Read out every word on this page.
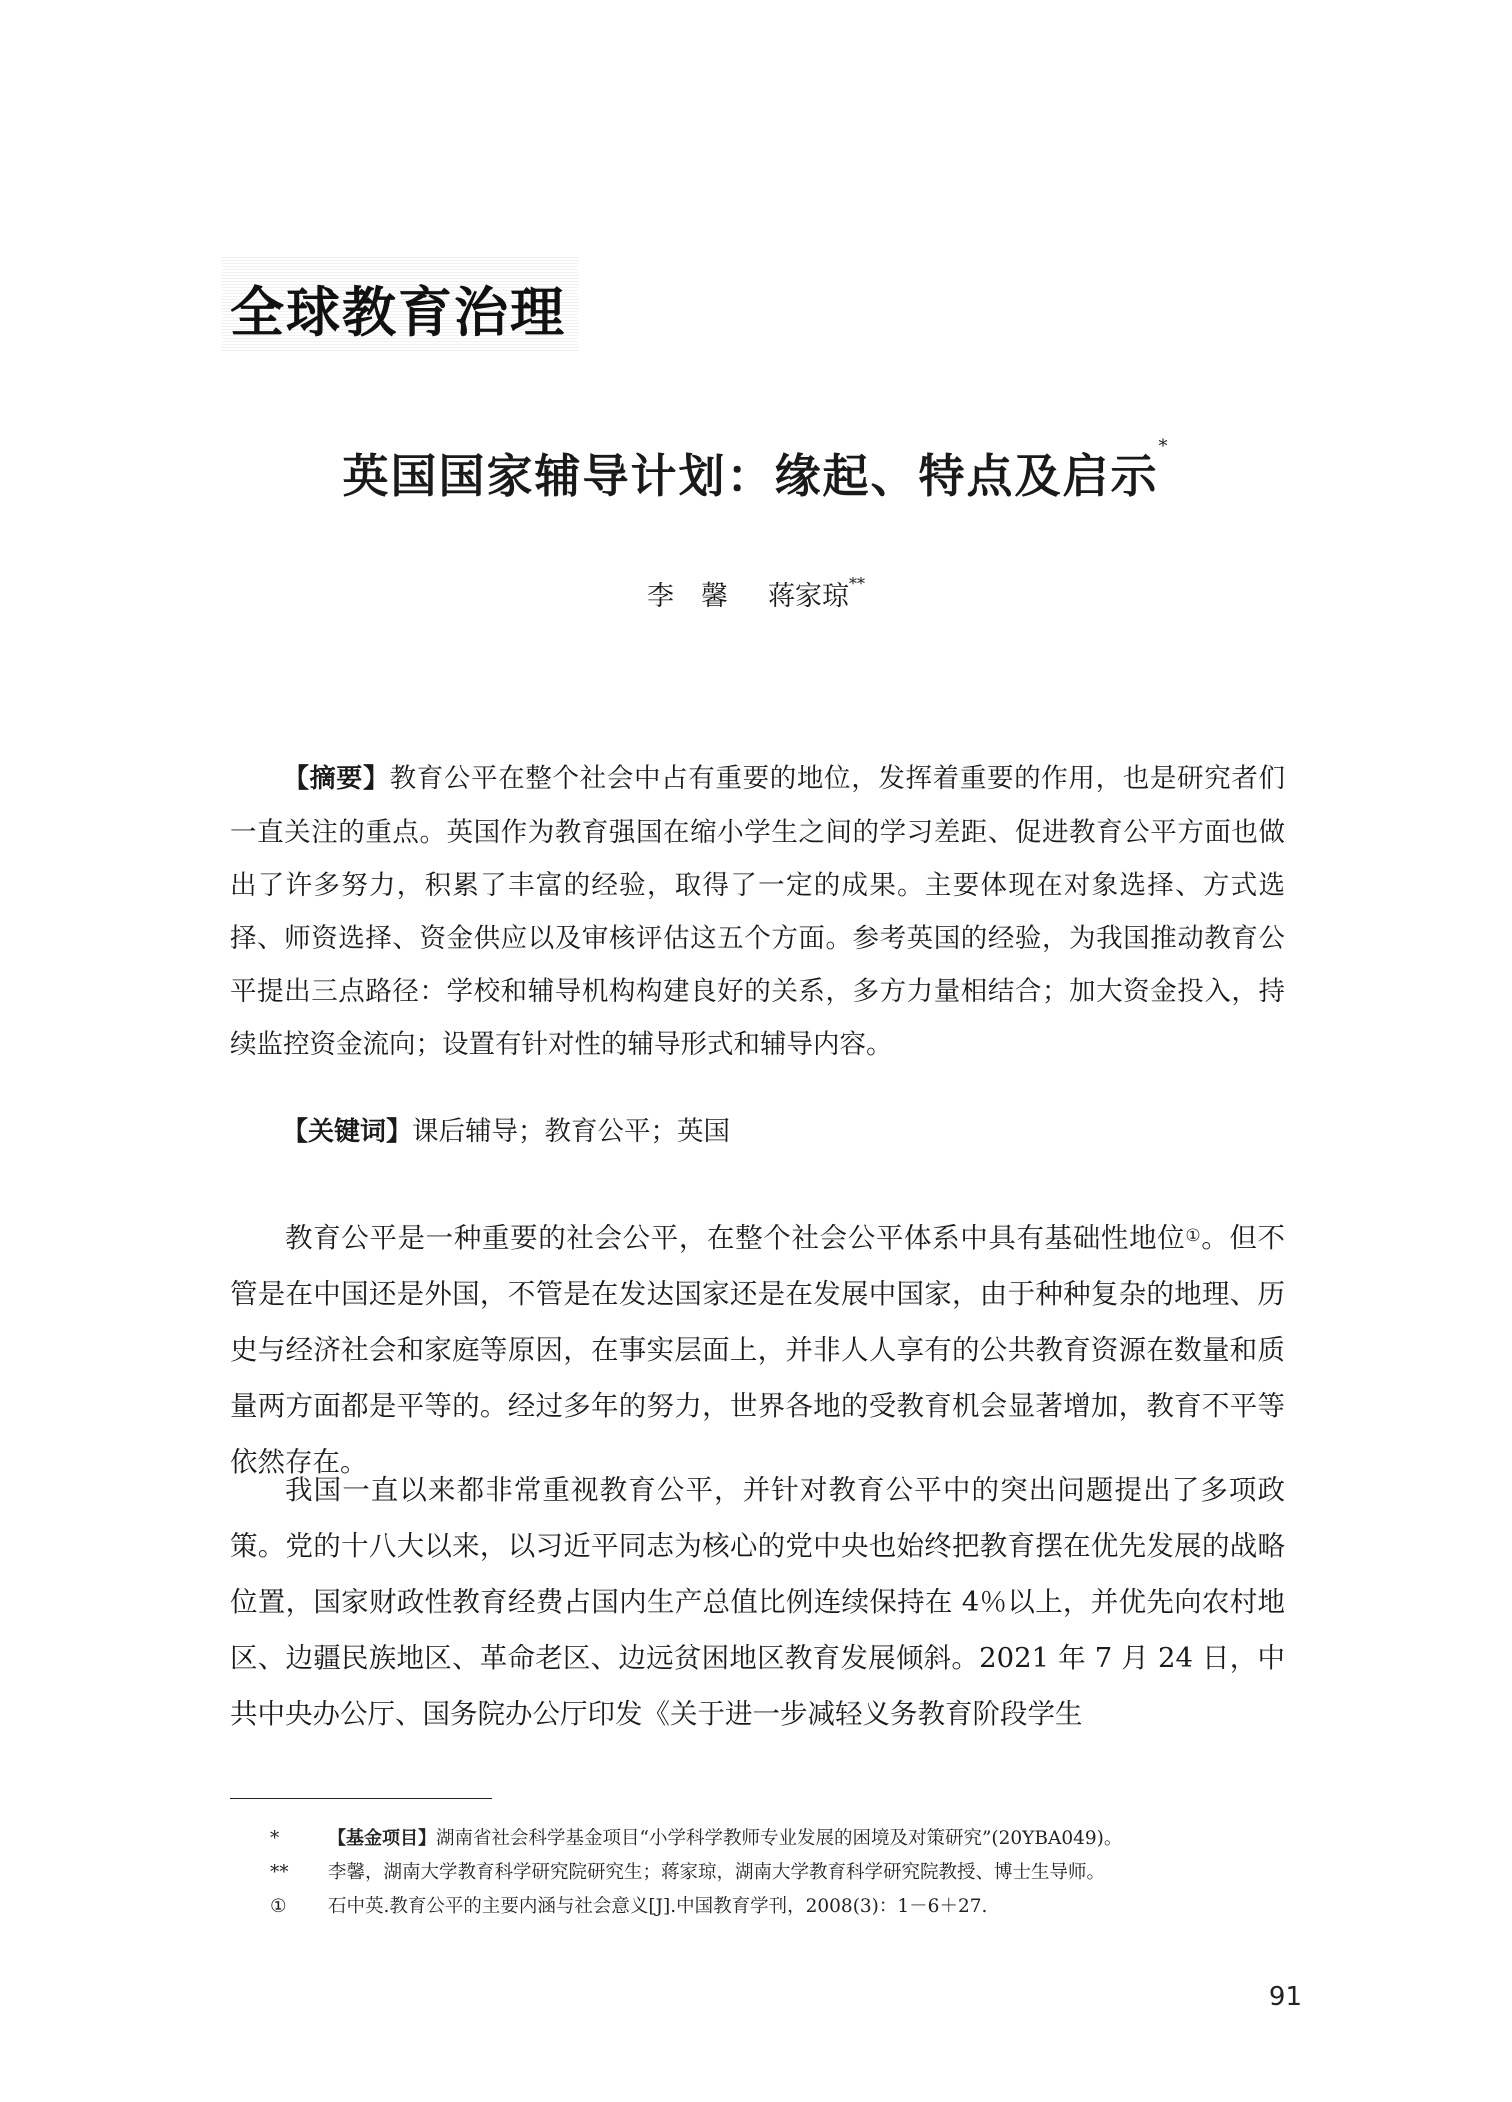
全球教育治理
英国国家辅导计划：缘起、特点及启示*
李　馨 蒋家琼**

【摘要】教育公平在整个社会中占有重要的地位，发挥着重要的作用，也是研究者们一直关注的重点。英国作为教育强国在缩小学生之间的学习差距、促进教育公平方面也做出了许多努力，积累了丰富的经验，取得了一定的成果。主要体现在对象选择、方式选择、师资选择、资金供应以及审核评估这五个方面。参考英国的经验，为我国推动教育公平提出三点路径：学校和辅导机构构建良好的关系，多方力量相结合；加大资金投入，持续监控资金流向；设置有针对性的辅导形式和辅导内容。

【关键词】课后辅导；教育公平；英国

教育公平是一种重要的社会公平，在整个社会公平体系中具有基础性地位①。但不管是在中国还是外国，不管是在发达国家还是在发展中国家，由于种种复杂的地理、历史与经济社会和家庭等原因，在事实层面上，并非人人享有的公共教育资源在数量和质量两方面都是平等的。经过多年的努力，世界各地的受教育机会显著增加，教育不平等依然存在。

我国一直以来都非常重视教育公平，并针对教育公平中的突出问题提出了多项政策。党的十八大以来，以习近平同志为核心的党中央也始终把教育摆在优先发展的战略位置，国家财政性教育经费占国内生产总值比例连续保持在 4％以上，并优先向农村地区、边疆民族地区、革命老区、边远贫困地区教育发展倾斜。2021 年 7 月 24 日，中共中央办公厅、国务院办公厅印发《关于进一步减轻义务教育阶段学生

*	【基金项目】湖南省社会科学基金项目“小学科学教师专业发展的困境及对策研究”(20YBA049)。
** 李馨，湖南大学教育科学研究院研究生；蒋家琼，湖南大学教育科学研究院教授、博士生导师。
① 石中英.教育公平的主要内涵与社会意义[J].中国教育学刊，2008(3)：1－6＋27.
91
